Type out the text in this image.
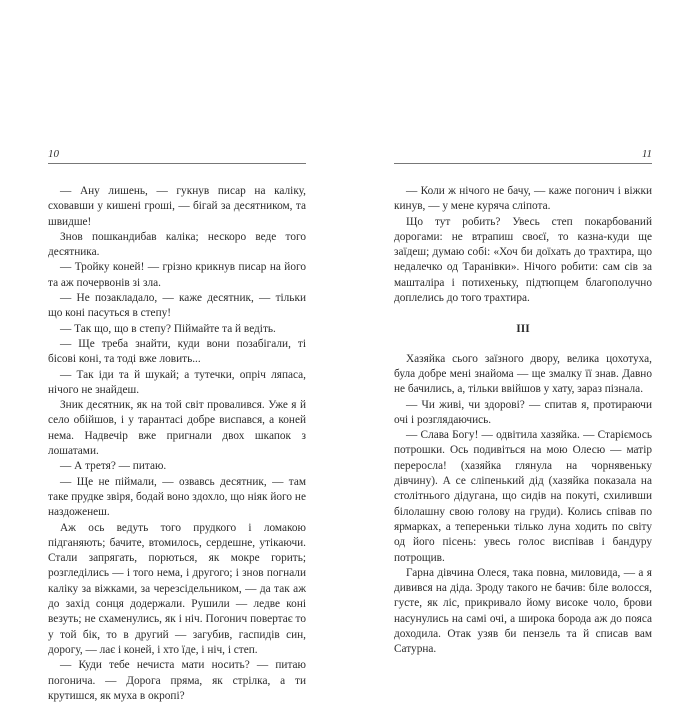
10

— Ану лишень, — гукнув писар на каліку, сховавши у кишені гроші, — бігай за десятником, та швидше!

Знов пошкандибав каліка; нескоро веде того десятника.

— Тройку коней! — грізно крикнув писар на його та аж почервонів зі зла.

— Не позакладало, — каже десятник, — тільки що коні пасуться в степу!

— Так що, що в степу? Піймайте та й ведіть.

— Ще треба знайти, куди вони позабігали, ті бісові коні, та тоді вже ловить...

— Так іди та й шукай; а тутечки, опріч ляпаса, нічого не знайдеш.

Зник десятник, як на той світ провалився. Уже я й село обійшов, і у тарантасі добре виспався, а коней нема. Надвечір вже пригнали двох шкапок з лошатами.

— А третя? — питаю.

— Ще не піймали, — озвавсь десятник, — там таке прудке звіря, бодай воно здохло, що ніяк його не наздоженеш.

Аж ось ведуть того прудкого і ломакою підганяють; бачите, втомилось, сердешне, утікаючи. Стали запрягать, порються, як мокре горить; розгледілись — і того нема, і другого; і знов погнали каліку за віжками, за черезсідельником, — да так аж до захід сонця додержали. Рушили — ледве коні везуть; не схаменулись, як і ніч. Погонич повертає то у той бік, то в другий — загубив, гаспидів син, дорогу, — лає і коней, і хто їде, і ніч, і степ.

— Куди тебе нечиста мати носить? — питаю погонича. — Дорога пряма, як стрілка, а ти крутишся, як муха в окропі?

11

— Коли ж нічого не бачу, — каже погонич і віжки кинув, — у мене куряча сліпота.

Що тут робить? Увесь степ покарбований дорогами: не втрапиш своєї, то казна-куди ще заїдеш; думаю собі: «Хоч би доїхать до трахтира, що недалечко од Таранівки». Нічого робити: сам сів за машталіра і потихеньку, підтюпцем благополучно доплелись до того трахтира.

III

Хазяйка сього заїзного двору, велика цохотуха, була добре мені знайома — ще змалку її знав. Давно не бачились, а, тільки ввійшов у хату, зараз пізнала.

— Чи живі, чи здорові? — спитав я, протираючи очі і розглядаючись.

— Слава Богу! — одвітила хазяйка. — Старіємось потрошки. Ось подивіться на мою Олесю — матір переросла! (хазяйка глянула на чорнявеньку дівчину). А се сліпенький дід (хазяйка показала на столітнього дідугана, що сидів на покуті, схиливши білолашну свою голову на груди). Колись співав по ярмарках, а тепереньки тілько луна ходить по світу од його пісень: увесь голос виспівав і бандуру потрощив.

Гарна дівчина Олеся, така повна, миловида, — а я дивився на діда. Зроду такого не бачив: біле волосся, густе, як ліс, прикривало йому високе чоло, брови насунулись на самі очі, а широка борода аж до пояса доходила. Отак узяв би пензель та й списав вам Сатурна.
